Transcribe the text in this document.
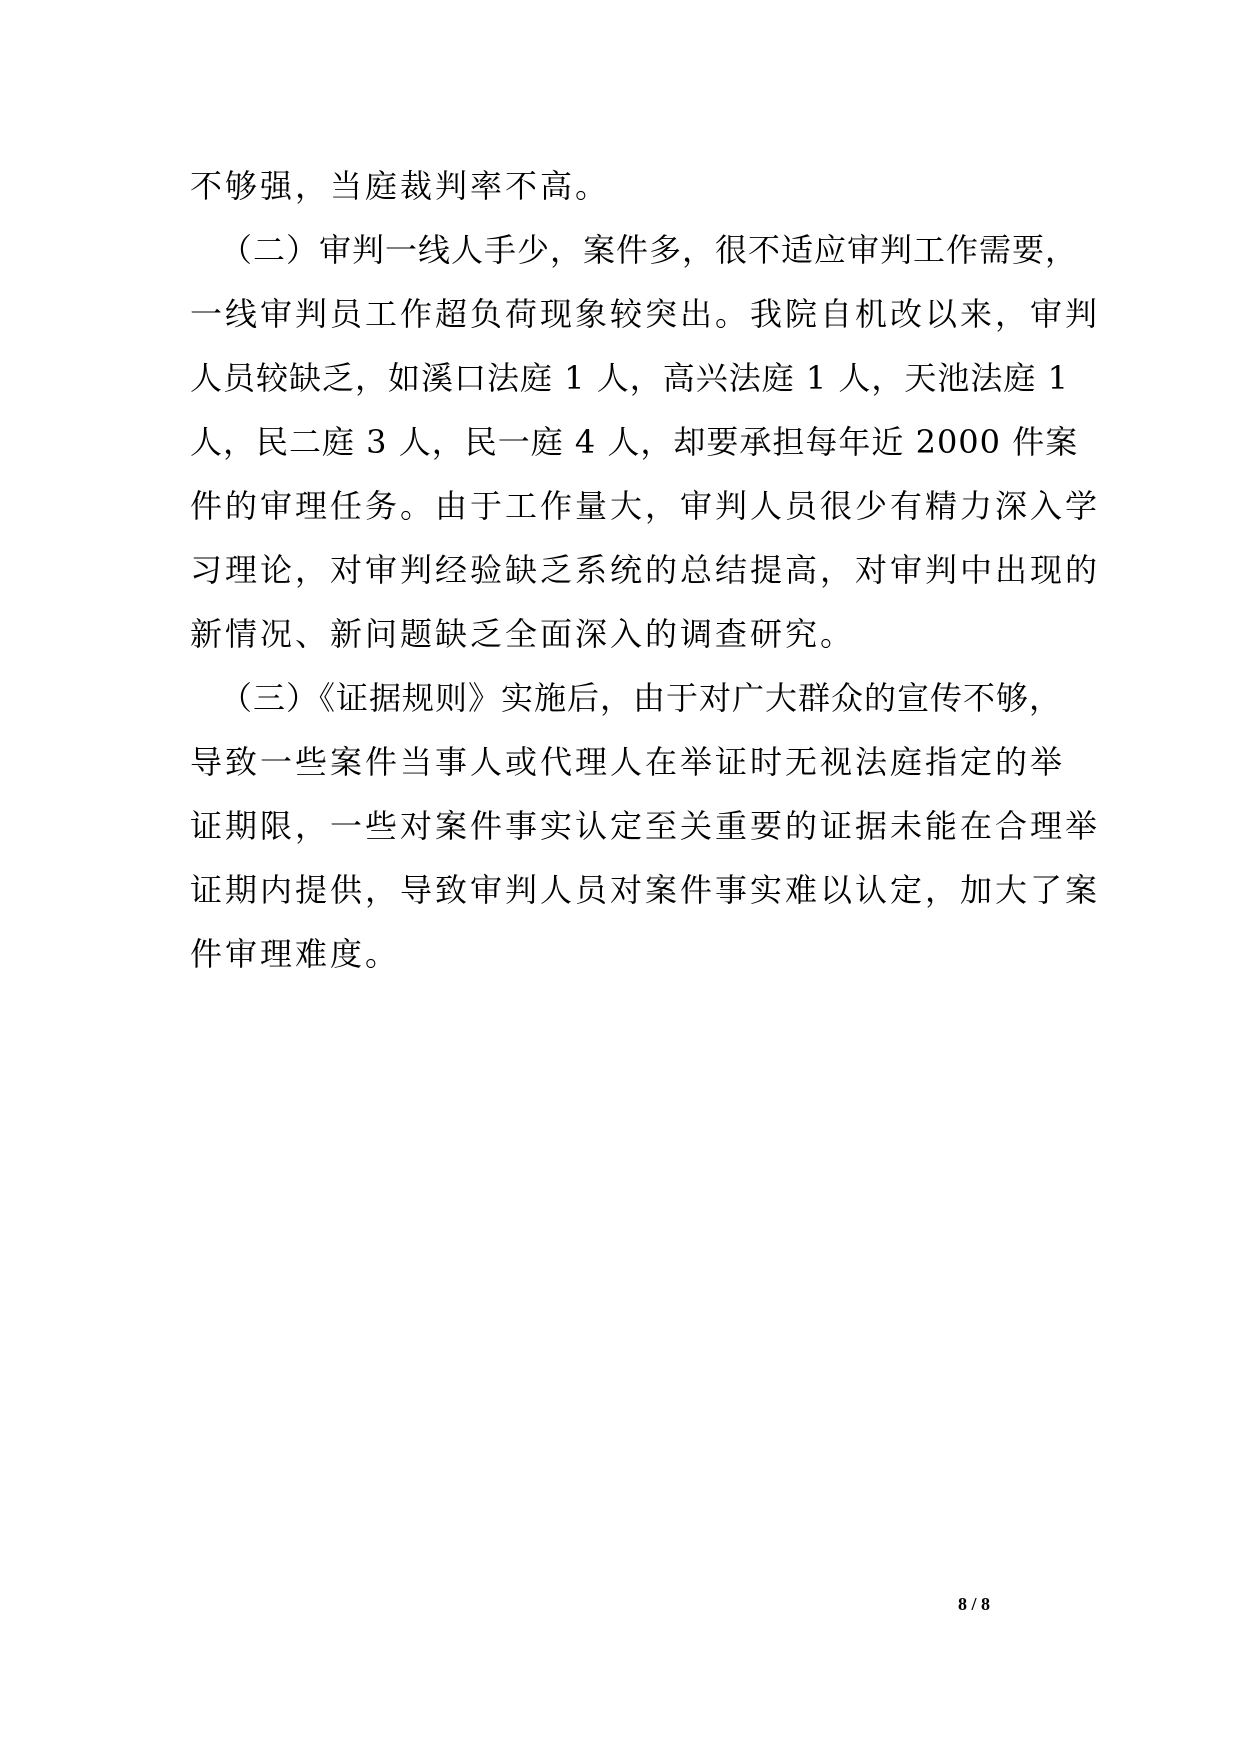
不够强，当庭裁判率不高。
（二）审判一线人手少，案件多，很不适应审判工作需要，
一线审判员工作超负荷现象较突出。我院自机改以来，审判
人员较缺乏，如溪口法庭 1 人，高兴法庭 1 人，天池法庭 1
人，民二庭 3 人，民一庭 4 人，却要承担每年近 2000 件案
件的审理任务。由于工作量大，审判人员很少有精力深入学
习理论，对审判经验缺乏系统的总结提高，对审判中出现的
新情况、新问题缺乏全面深入的调查研究。
（三）《证据规则》实施后，由于对广大群众的宣传不够，
导致一些案件当事人或代理人在举证时无视法庭指定的举
证期限，一些对案件事实认定至关重要的证据未能在合理举
证期内提供，导致审判人员对案件事实难以认定，加大了案
件审理难度。
8 / 8
